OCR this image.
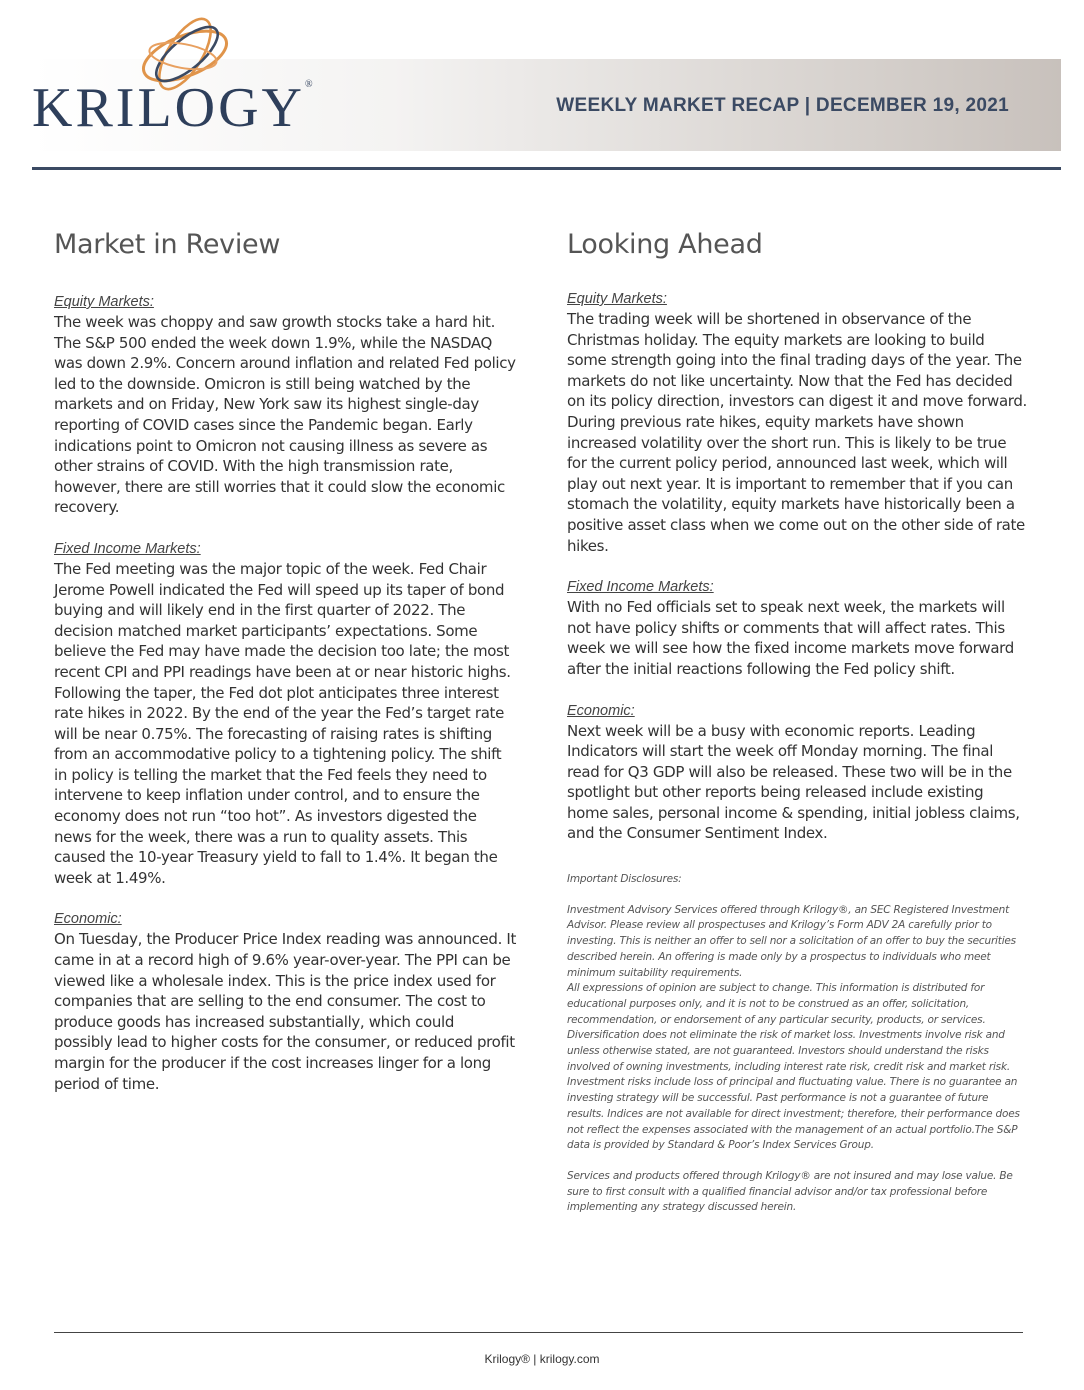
KRILOGY®
WEEKLY MARKET RECAP | DECEMBER 19, 2021
Market in Review

Equity Markets:

The week was choppy and saw growth stocks take a hard hit. The S&P 500 ended the week down 1.9%, while the NASDAQ was down 2.9%. Concern around inflation and related Fed policy led to the downside. Omicron is still being watched by the markets and on Friday, New York saw its highest single-day reporting of COVID cases since the Pandemic began. Early indications point to Omicron not causing illness as severe as other strains of COVID. With the high transmission rate, however, there are still worries that it could slow the economic recovery.

Fixed Income Markets:

The Fed meeting was the major topic of the week. Fed Chair Jerome Powell indicated the Fed will speed up its taper of bond buying and will likely end in the first quarter of 2022. The decision matched market participants’ expectations. Some believe the Fed may have made the decision too late; the most recent CPI and PPI readings have been at or near historic highs. Following the taper, the Fed dot plot anticipates three interest rate hikes in 2022. By the end of the year the Fed’s target rate will be near 0.75%. The forecasting of raising rates is shifting from an accommodative policy to a tightening policy. The shift in policy is telling the market that the Fed feels they need to intervene to keep inflation under control, and to ensure the economy does not run “too hot”. As investors digested the news for the week, there was a run to quality assets. This caused the 10-year Treasury yield to fall to 1.4%. It began the week at 1.49%.

Economic:

On Tuesday, the Producer Price Index reading was announced. It came in at a record high of 9.6% year-over-year. The PPI can be viewed like a wholesale index. This is the price index used for companies that are selling to the end consumer. The cost to produce goods has increased substantially, which could possibly lead to higher costs for the consumer, or reduced profit margin for the producer if the cost increases linger for a long period of time.

Looking Ahead

Equity Markets:

The trading week will be shortened in observance of the Christmas holiday. The equity markets are looking to build some strength going into the final trading days of the year. The markets do not like uncertainty. Now that the Fed has decided on its policy direction, investors can digest it and move forward. During previous rate hikes, equity markets have shown increased volatility over the short run. This is likely to be true for the current policy period, announced last week, which will play out next year. It is important to remember that if you can stomach the volatility, equity markets have historically been a positive asset class when we come out on the other side of rate hikes.

Fixed Income Markets:

With no Fed officials set to speak next week, the markets will not have policy shifts or comments that will affect rates. This week we will see how the fixed income markets move forward after the initial reactions following the Fed policy shift.

Economic:

Next week will be a busy with economic reports. Leading Indicators will start the week off Monday morning. The final read for Q3 GDP will also be released. These two will be in the spotlight but other reports being released include existing home sales, personal income & spending, initial jobless claims, and the Consumer Sentiment Index.

Important Disclosures:

Investment Advisory Services offered through Krilogy®, an SEC Registered Investment Advisor. Please review all prospectuses and Krilogy’s Form ADV 2A carefully prior to investing. This is neither an offer to sell nor a solicitation of an offer to buy the securities described herein. An offering is made only by a prospectus to individuals who meet minimum suitability requirements.

All expressions of opinion are subject to change. This information is distributed for educational purposes only, and it is not to be construed as an offer, solicitation, recommendation, or endorsement of any particular security, products, or services. Diversification does not eliminate the risk of market loss. Investments involve risk and unless otherwise stated, are not guaranteed. Investors should understand the risks involved of owning investments, including interest rate risk, credit risk and market risk. Investment risks include loss of principal and fluctuating value. There is no guarantee an investing strategy will be successful. Past performance is not a guarantee of future results. Indices are not available for direct investment; therefore, their performance does not reflect the expenses associated with the management of an actual portfolio.The S&P data is provided by Standard & Poor’s Index Services Group.

Services and products offered through Krilogy® are not insured and may lose value. Be sure to first consult with a qualified financial advisor and/or tax professional before implementing any strategy discussed herein.

Krilogy® | krilogy.com
